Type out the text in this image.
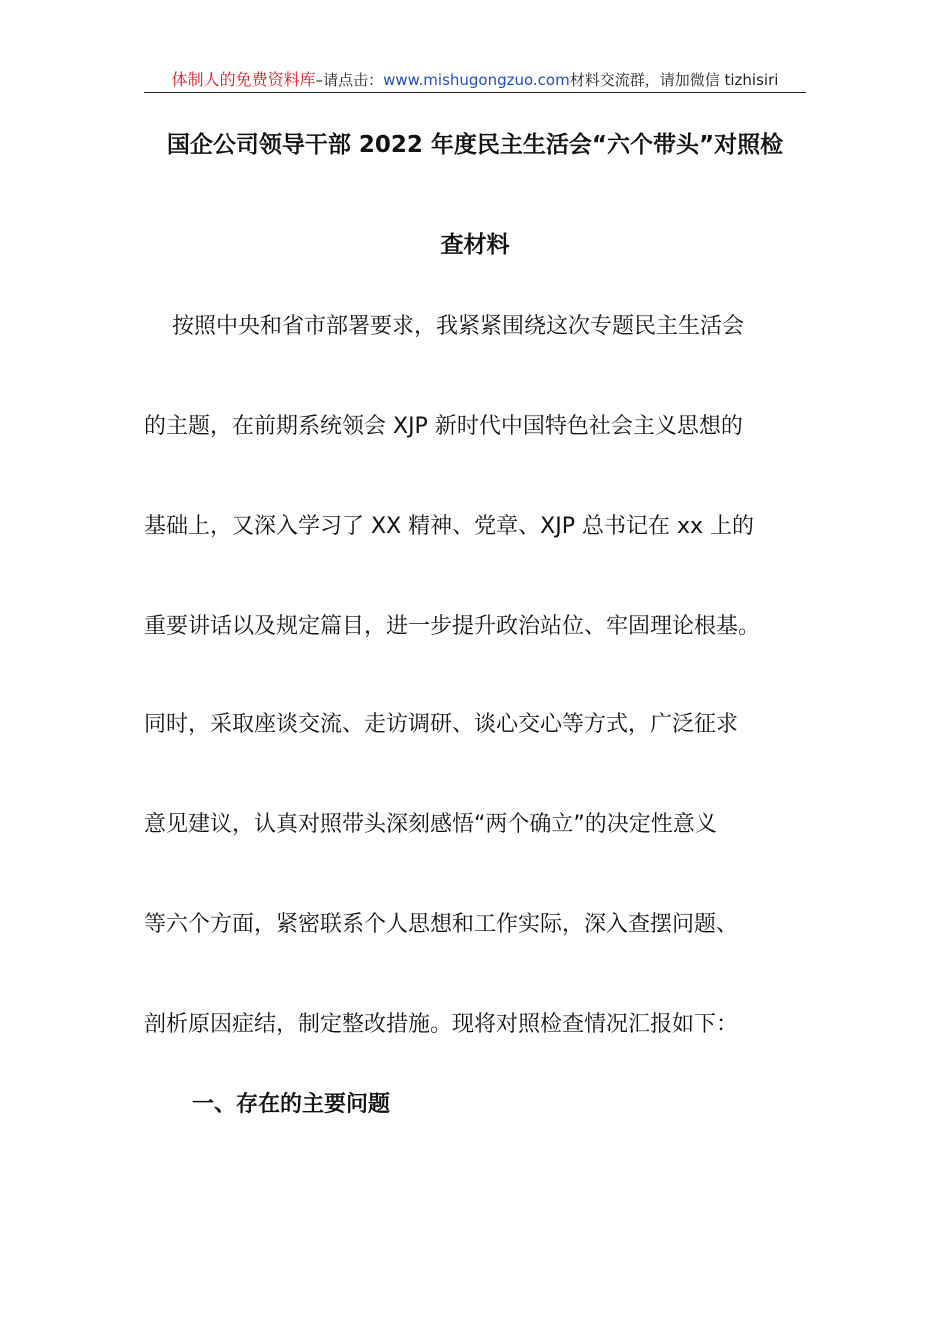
体制人的免费资料库–请点击：www.mishugongzuo.com材料交流群，请加微信 tizhisiri
国企公司领导干部 2022 年度民主生活会“六个带头”对照检
查材料
按照中央和省市部署要求，我紧紧围绕这次专题民主生活会
的主题，在前期系统领会 XJP 新时代中国特色社会主义思想的
基础上，又深入学习了 XX 精神、党章、XJP 总书记在 xx 上的
重要讲话以及规定篇目，进一步提升政治站位、牢固理论根基。
同时，采取座谈交流、走访调研、谈心交心等方式，广泛征求
意见建议，认真对照带头深刻感悟“两个确立”的决定性意义
等六个方面，紧密联系个人思想和工作实际，深入查摆问题、
剖析原因症结，制定整改措施。现将对照检查情况汇报如下：
一、存在的主要问题
